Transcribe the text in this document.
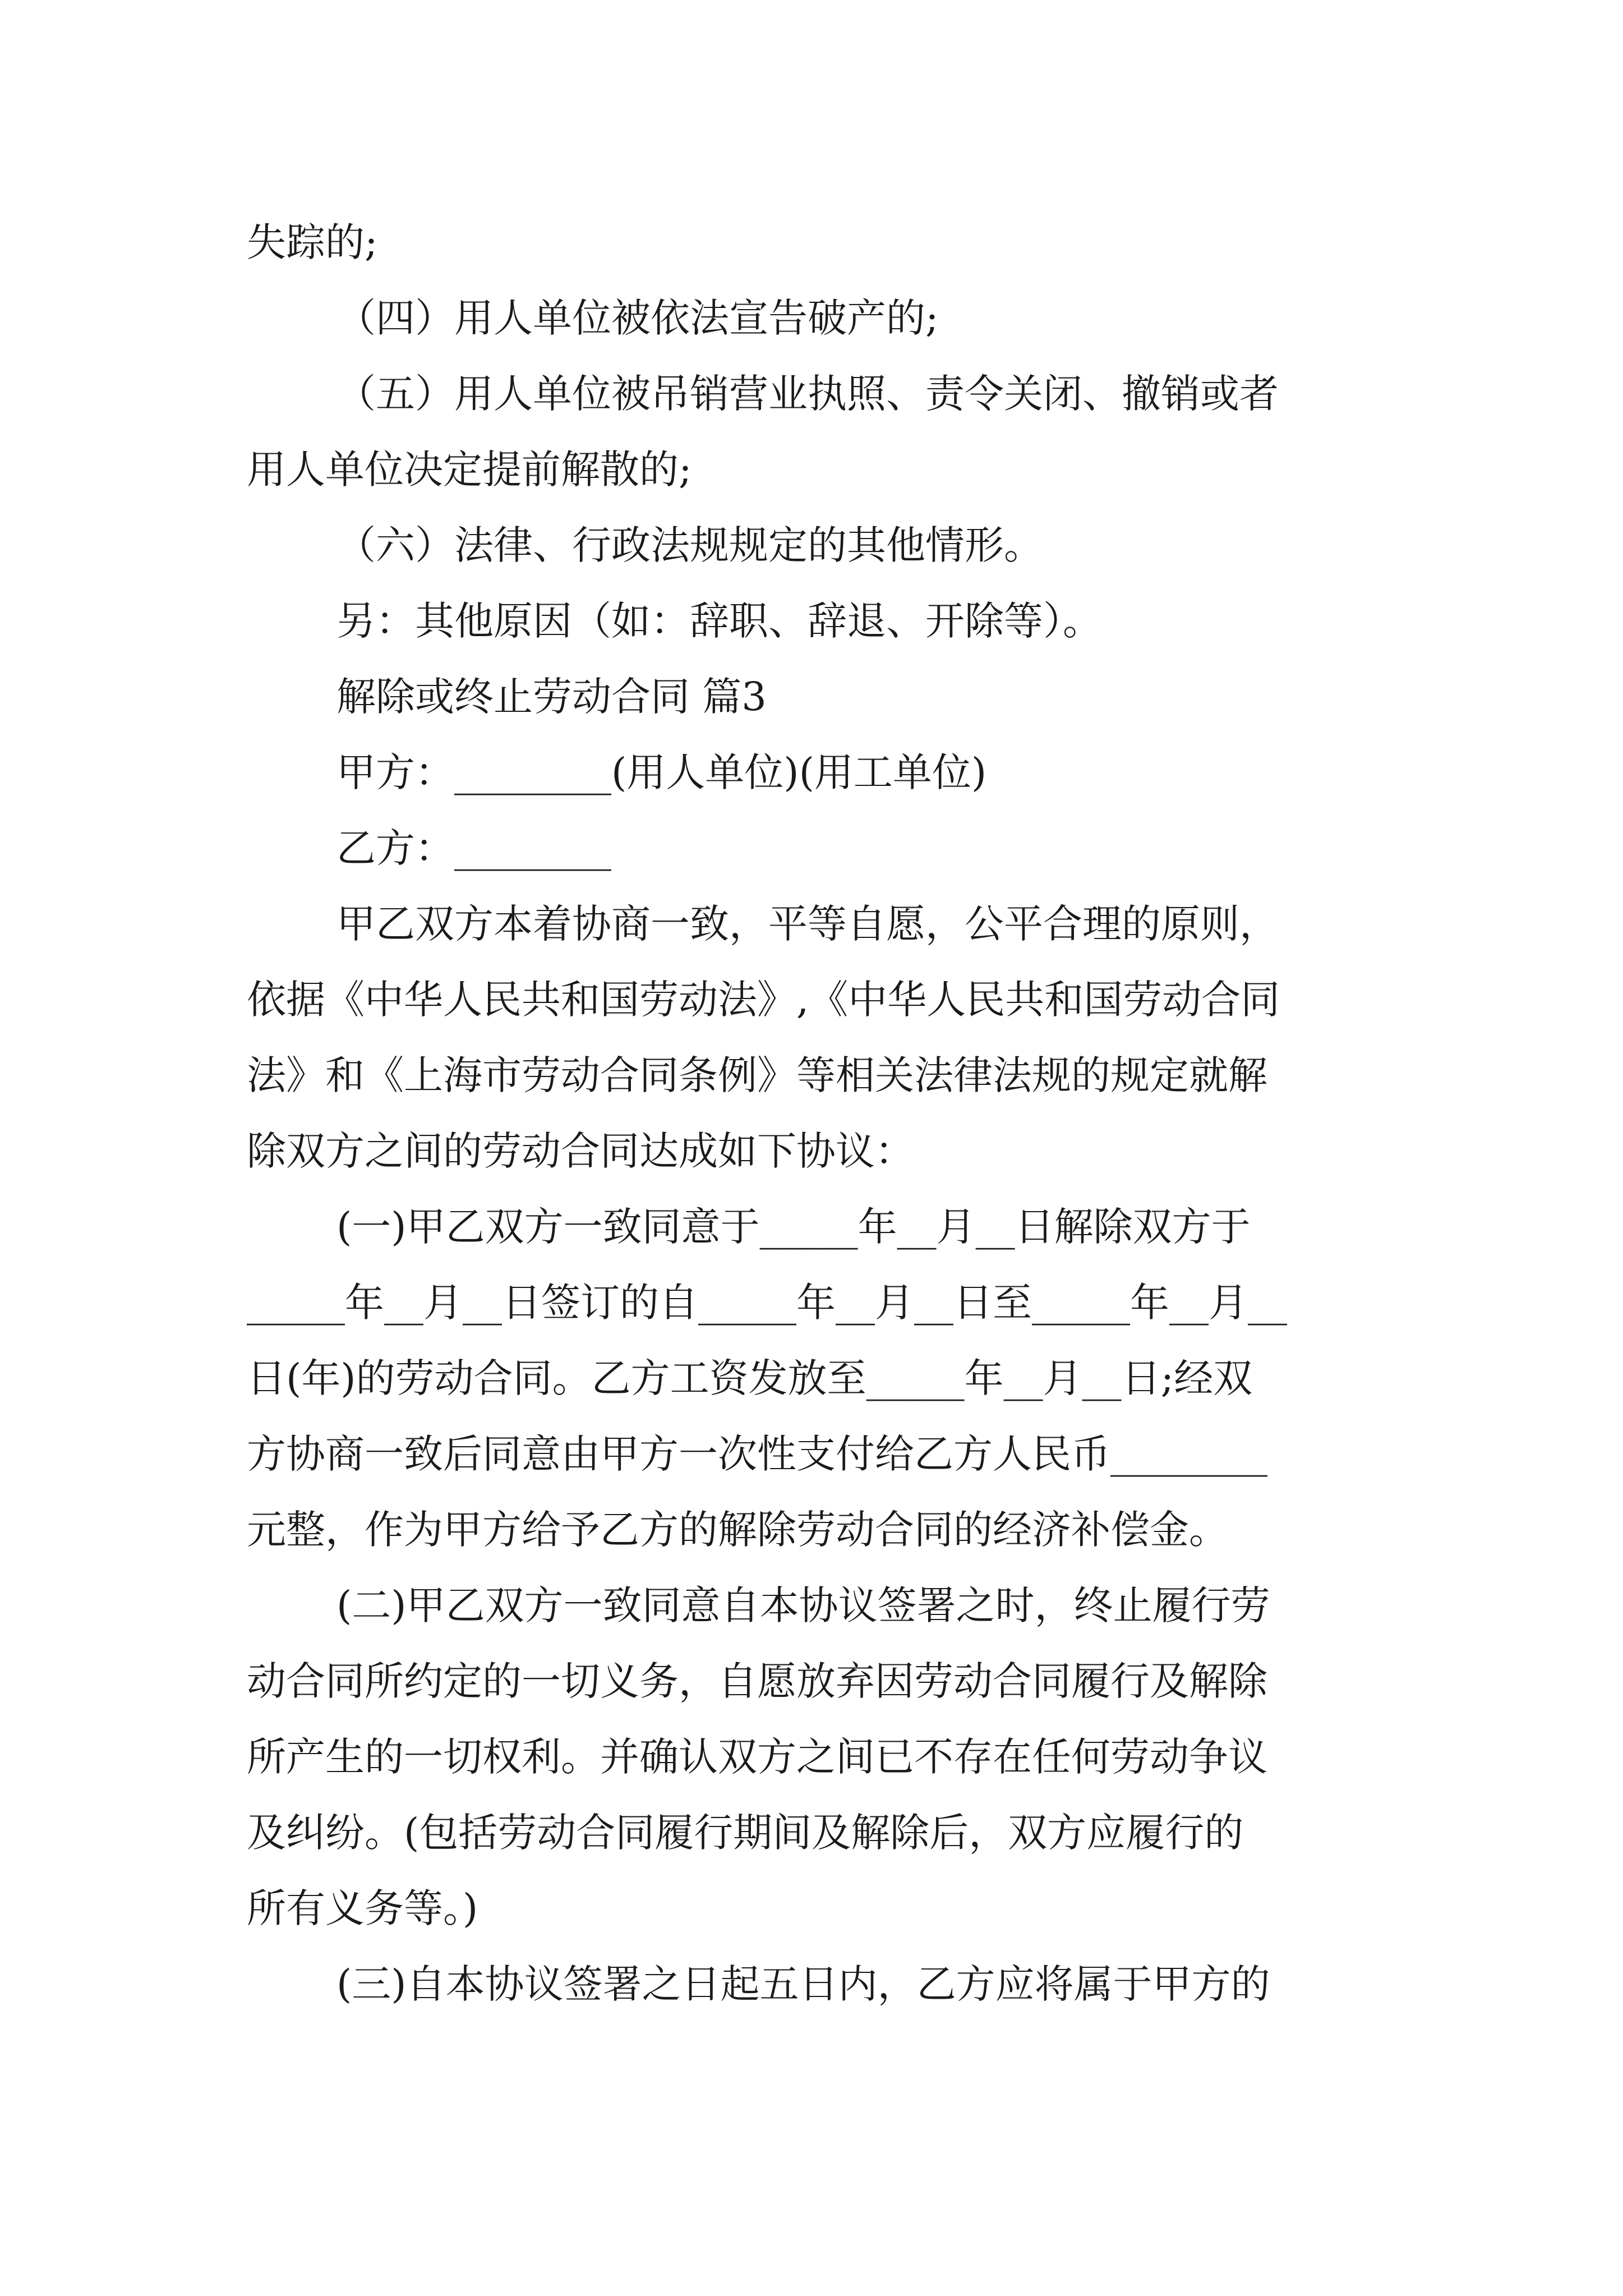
失踪的;
（四）用人单位被依法宣告破产的;
（五）用人单位被吊销营业执照、责令关闭、撤销或者
用人单位决定提前解散的;
（六）法律、行政法规规定的其他情形。
另：其他原因（如：辞职、辞退、开除等）。
解除或终止劳动合同 篇3
甲方：________(用人单位)(用工单位)
乙方：________
甲乙双方本着协商一致，平等自愿，公平合理的原则，
依据《中华人民共和国劳动法》,《中华人民共和国劳动合同
法》和《上海市劳动合同条例》等相关法律法规的规定就解
除双方之间的劳动合同达成如下协议：
(一)甲乙双方一致同意于_____年__月__日解除双方于
_____年__月__日签订的自_____年__月__日至_____年__月__
日(年)的劳动合同。乙方工资发放至_____年__月__日;经双
方协商一致后同意由甲方一次性支付给乙方人民币________
元整，作为甲方给予乙方的解除劳动合同的经济补偿金。
(二)甲乙双方一致同意自本协议签署之时，终止履行劳
动合同所约定的一切义务，自愿放弃因劳动合同履行及解除
所产生的一切权利。并确认双方之间已不存在任何劳动争议
及纠纷。(包括劳动合同履行期间及解除后，双方应履行的
所有义务等。)
(三)自本协议签署之日起五日内，乙方应将属于甲方的
